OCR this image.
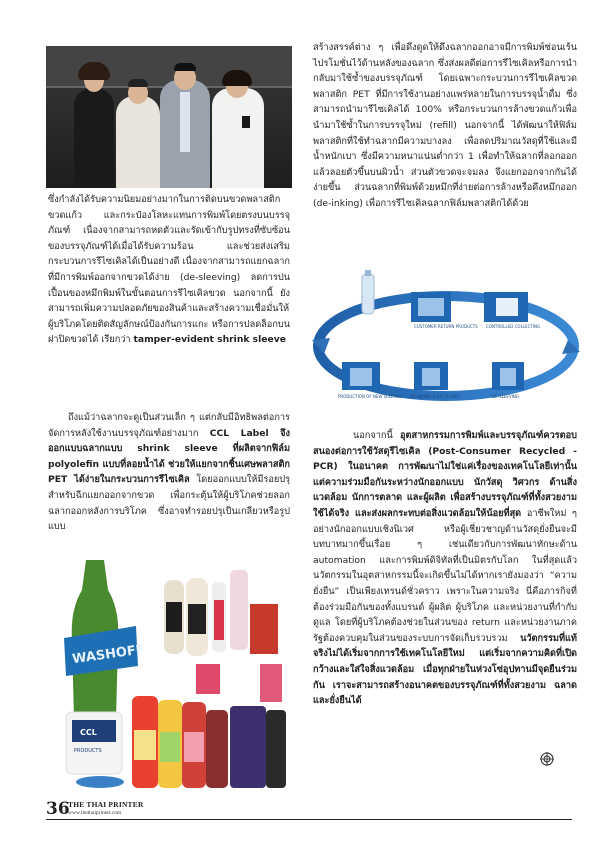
ซึ่งกำลังได้รับความนิยมอย่างมากในการติดบนขวดพลาสติก ขวดแก้ว และกระป๋องโลหะแทนการพิมพ์โดยตรงบนบรรจุภัณฑ์ เนื่องจากสามารถหดตัวและรัดเข้ากับรูปทรงที่ซับซ้อนของบรรจุภัณฑ์ได้เมื่อได้รับความร้อน และช่วยส่งเสริมกระบวนการรีไซเคิลได้เป็นอย่างดี เนื่องจากสามารถแยกฉลากที่มีการพิมพ์ออกจากขวดได้ง่าย (de-sleeving) ลดการปนเปื้อนของหมึกพิมพ์ในขั้นตอนการรีไซเคิลขวด นอกจากนี้ ยังสามารถเพิ่มความปลอดภัยของสินค้าและสร้างความเชื่อมั่นให้ผู้บริโภคโดยติดสัญลักษณ์ป้องกันการแกะ หรือการปลดล็อกบนฝาปิดขวดได้ เรียกว่า tamper-evident shrink sleeve
ถึงแม้ว่าฉลากจะดูเป็นส่วนเล็ก ๆ แต่กลับมีอิทธิพลต่อการจัดการหลังใช้งานบรรจุภัณฑ์อย่างมาก CCL Label จึงออกแบบฉลากแบบ shrink sleeve ที่ผลิตจากฟิล์ม polyolefin แบบที่ลอยน้ำได้ ช่วยให้แยกจากชิ้นเศษพลาสติก PET ได้ง่ายในกระบวนการรีไซเคิล โดยออกแบบให้มีรอยปรุสำหรับฉีกแยกออกจากขวด เพื่อกระตุ้นให้ผู้บริโภคช่วยลอกฉลากออกหลังการบริโภค ซึ่งอาจทำรอยปรุเป็นเกลียวหรือรูปแบบ
สร้างสรรค์ต่าง ๆ เพื่อดึงดูดให้ดึงฉลากออกอาจมีการพิมพ์ซ่อนเร้นไปรโมชั่นไว้ด้านหลังของฉลาก ซึ่งส่งผลดีต่อการรีไซเคิลหรือการนำกลับมาใช้ซ้ำของบรรจุภัณฑ์ โดยเฉพาะกระบวนการรีไซเคิลขวดพลาสติก PET ที่มีการใช้งานอย่างแพร่หลายในการบรรจุน้ำดื่ม ซึ่งสามารถนำมารีไซเคิลได้ 100% หรือกระบวนการล้างขวดแก้วเพื่อนำมาใช้ซ้ำในการบรรจุใหม่ (refill) นอกจากนี้ ได้พัฒนาให้ฟิล์มพลาสติกที่ใช้ทำฉลากมีความบางลง เพื่อลดปริมาณวัสดุที่ใช้และมีน้ำหนักเบา ซึ่งมีความหนาแน่นต่ำกว่า 1 เพื่อทำให้ฉลากที่ลอกออกแล้วลอยตัวขึ้นบนผิวน้ำ ส่วนตัวขวดจะจมลง จึงแยกออกจากกันได้ง่ายขึ้น ส่วนฉลากที่พิมพ์ด้วยหมึกที่ง่ายต่อการล้างหรือดึงหมึกออก (de-inking) เพื่อการรีไซเคิลฉลากฟิล์มพลาสติกได้ด้วย
1
CUSTOMER RETURN PRODUCTS
2
CONTROLLED COLLECTING
3
DE-SLEEVING
4
DE-INKING & RECYCLING
5
PRODUCTION OF NEW SLEEVES
นอกจากนี้ อุตสาหกรรมการพิมพ์และบรรจุภัณฑ์ควรตอบสนองต่อการใช้วัสดุรีไซเคิล (Post-Consumer Recycled - PCR) ในอนาคต การพัฒนาไม่ใช่แค่เรื่องของเทคโนโลยีเท่านั้น แต่ความร่วมมือกันระหว่างนักออกแบบ นักวัสดุ วิศวกร ด้านสิ่งแวดล้อม นักการตลาด และผู้ผลิต เพื่อสร้างบรรจุภัณฑ์ที่ทั้งสวยงาม ใช้ได้จริง และส่งผลกระทบต่อสิ่งแวดล้อมให้น้อยที่สุด อาชีพใหม่ ๆ อย่างนักออกแบบเชิงนิเวศ หรือผู้เชี่ยวชาญด้านวัสดุยั่งยืนจะมีบทบาทมากขึ้นเรื่อย ๆ เช่นเดียวกับการพัฒนาทักษะด้าน automation และการพิมพ์ดิจิทัลที่เป็นมิตรกับโลก ในที่สุดแล้ว นวัตกรรมในอุตสาหกรรมนี้จะเกิดขึ้นไม่ได้หากเรายังมองว่า “ความยั่งยืน” เป็นเพียงเทรนด์ชั่วคราว เพราะในความจริง นี่คือภารกิจที่ต้องร่วมมือกันของทั้งแบรนด์ ผู้ผลิต ผู้บริโภค และหน่วยงานที่กำกับดูแล โดยที่ผู้บริโภคต้องช่วยในส่วนของ return และหน่วยงานภาครัฐต้องควบคุมในส่วนของระบบการจัดเก็บรวบรวม นวัตกรรมที่แท้จริงไม่ได้เริ่มจากการใช้เทคโนโลยีใหม่ แต่เริ่มจากความคิดที่เปิดกว้างและใส่ใจสิ่งแวดล้อม เมื่อทุกฝ่ายในห่วงโซ่อุปทานมีจุดยืนร่วมกัน เราจะสามารถสร้างอนาคตของบรรจุภัณฑ์ที่ทั้งสวยงาม ฉลาด และยั่งยืนได้
WASHOFF
CCL
PRODUCTS
36
THE THAI PRINTER
www.thethaiprinter.com
